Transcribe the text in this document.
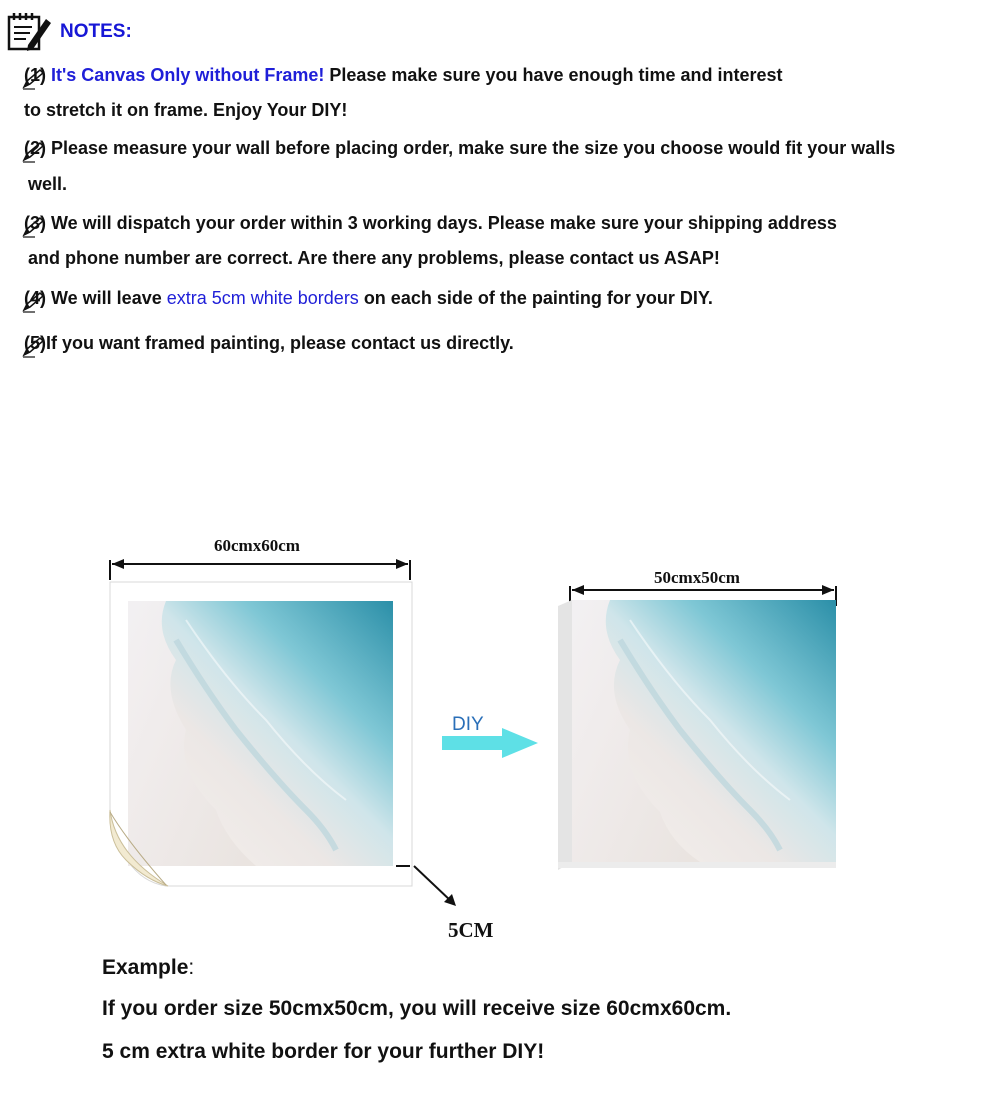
NOTES:
(1) It's Canvas Only without Frame! Please make sure you have enough time and interest
to stretch it on frame. Enjoy Your DIY!
(2) Please measure your wall before placing order, make sure the size you choose would fit your walls
well.
(3) We will dispatch your order within 3 working days. Please make sure your shipping address
and phone number are correct. Are there any problems, please contact us ASAP!
(4) We will leave extra 5cm white borders on each side of the painting for your DIY.
(5)If you want framed painting, please contact us directly.
60cmx60cm
5CM
DIY
50cmx50cm
Example:
If you order size 50cmx50cm, you will receive size 60cmx60cm.
5 cm extra white border for your further DIY!
